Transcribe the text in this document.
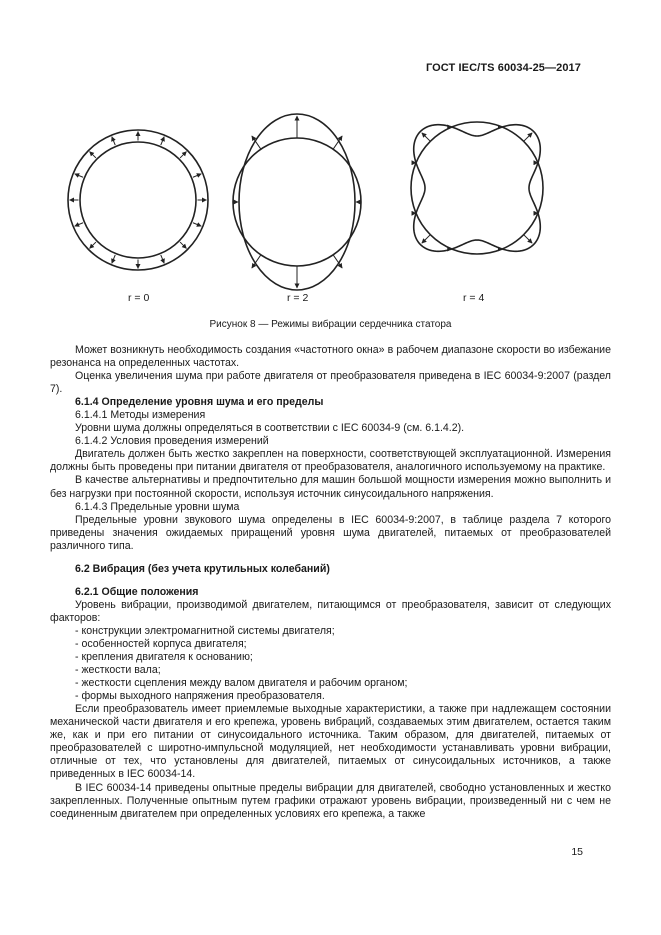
ГОСТ IEC/TS 60034-25—2017
r = 0	r = 2	r = 4
Рисунок 8 — Режимы вибрации сердечника статора

Может возникнуть необходимость создания «частотного окна» в рабочем диапазоне скорости во избежание резонанса на определенных частотах.

Оценка увеличения шума при работе двигателя от преобразователя приведена в IEC 60034-9:2007 (раздел 7).

6.1.4 Определение уровня шума и его пределы

6.1.4.1 Методы измерения

Уровни шума должны определяться в соответствии с IEC 60034-9 (см. 6.1.4.2).

6.1.4.2 Условия проведения измерений

Двигатель должен быть жестко закреплен на поверхности, соответствующей эксплуатационной. Измерения должны быть проведены при питании двигателя от преобразователя, аналогичного используемому на практике.

В качестве альтернативы и предпочтительно для машин большой мощности измерения можно выполнить и без нагрузки при постоянной скорости, используя источник синусоидального напряжения.

6.1.4.3 Предельные уровни шума

Предельные уровни звукового шума определены в IEC 60034-9:2007, в таблице раздела 7 которого приведены значения ожидаемых приращений уровня шума двигателей, питаемых от преобразователей различного типа.

6.2 Вибрация (без учета крутильных колебаний)

6.2.1 Общие положения

Уровень вибрации, производимой двигателем, питающимся от преобразователя, зависит от следующих факторов:

- конструкции электромагнитной системы двигателя;

- особенностей корпуса двигателя;

- крепления двигателя к основанию;

- жесткости вала;

- жесткости сцепления между валом двигателя и рабочим органом;

- формы выходного напряжения преобразователя.

Если преобразователь имеет приемлемые выходные характеристики, а также при надлежащем состоянии механической части двигателя и его крепежа, уровень вибраций, создаваемых этим двигателем, остается таким же, как и при его питании от синусоидального источника. Таким образом, для двигателей, питаемых от преобразователей с широтно-импульсной модуляцией, нет необходимости устанавливать уровни вибрации, отличные от тех, что установлены для двигателей, питаемых от синусоидальных источников, а также приведенных в IEC 60034-14.

В IEC 60034-14 приведены опытные пределы вибрации для двигателей, свободно установленных и жестко закрепленных. Полученные опытным путем графики отражают уровень вибрации, произведенный ни с чем не соединенным двигателем при определенных условиях его крепежа, а также

15
